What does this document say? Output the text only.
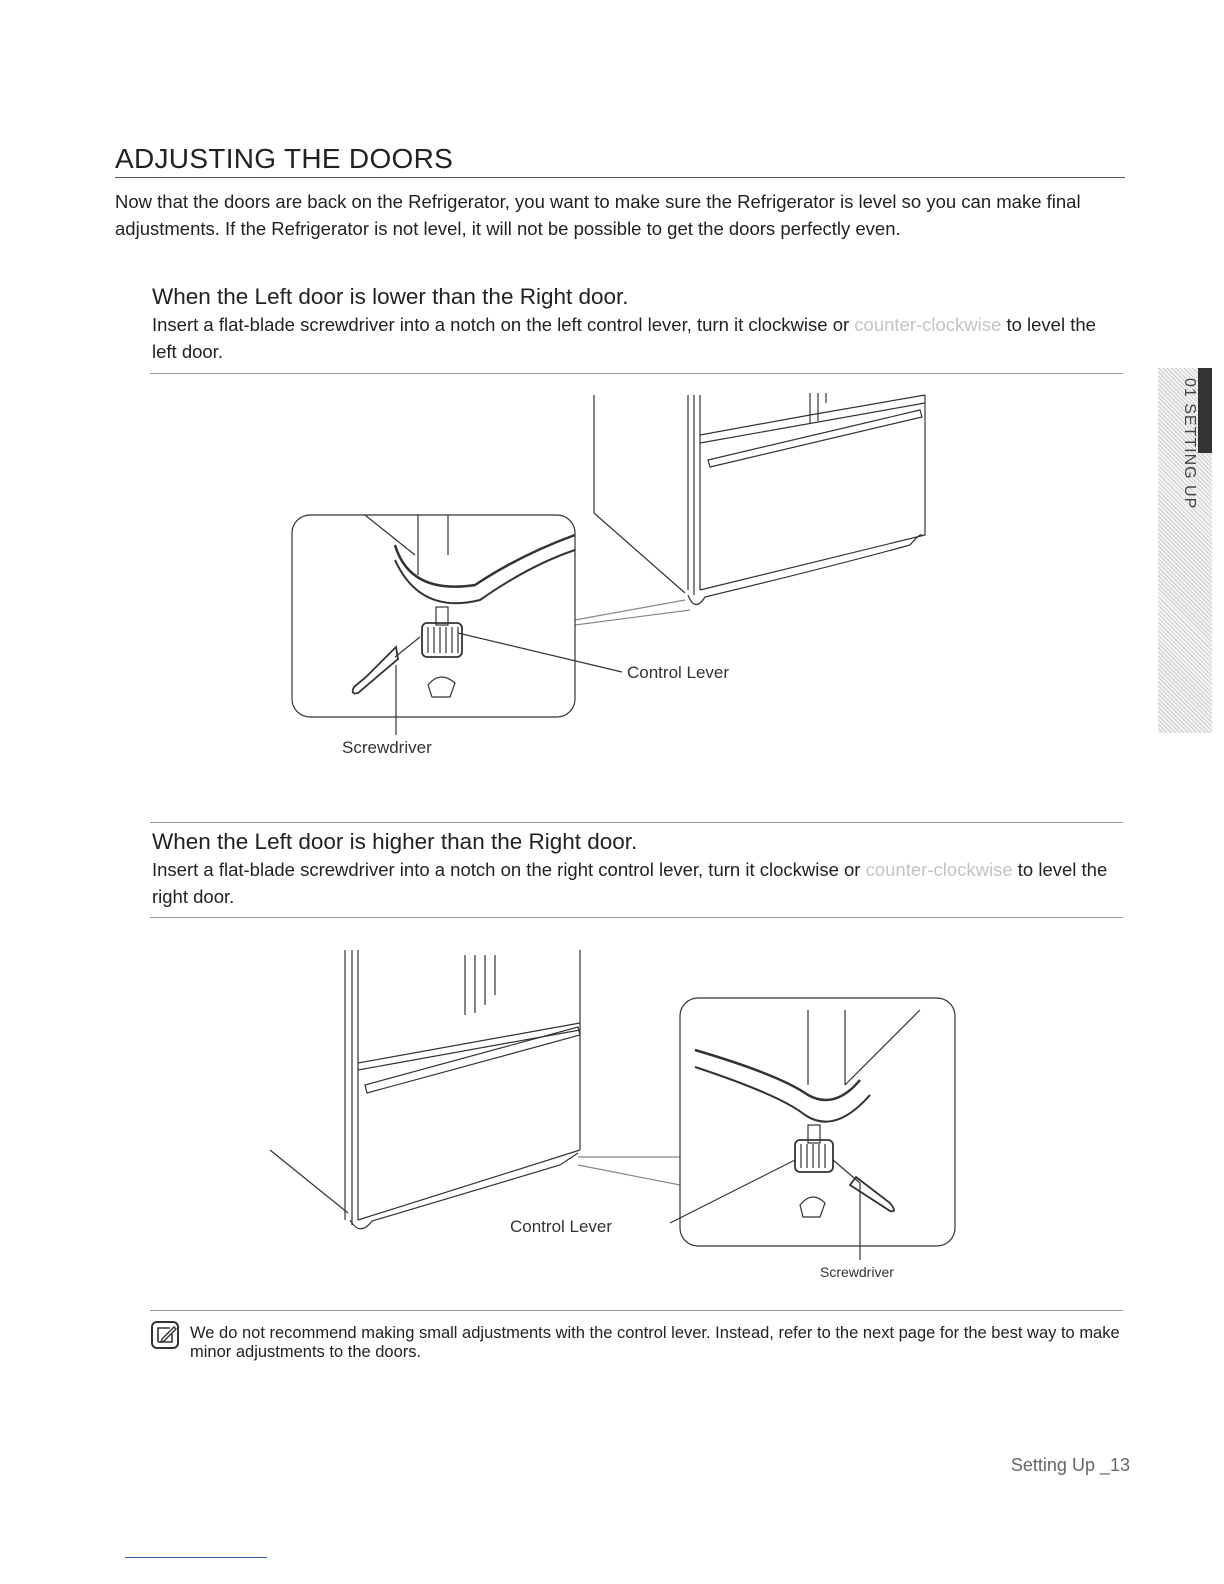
ADJUSTING THE DOORS

Now that the doors are back on the Refrigerator, you want to make sure the Refrigerator is level so you can make final adjustments. If the Refrigerator is not level, it will not be possible to get the doors perfectly even.

When the Left door is lower than the Right door.

Insert a flat-blade screwdriver into a notch on the left control lever, turn it clockwise or counter-clockwise to level the left door.

Control Lever
Screwdriver
When the Left door is higher than the Right door.

Insert a flat-blade screwdriver into a notch on the right control lever, turn it clockwise or counter-clockwise to level the right door.

Control Lever
Screwdriver

We do not recommend making small adjustments with the control lever. Instead, refer to the next page for the best way to make minor adjustments to the doors.

01 SETTING UP
Setting Up _13
